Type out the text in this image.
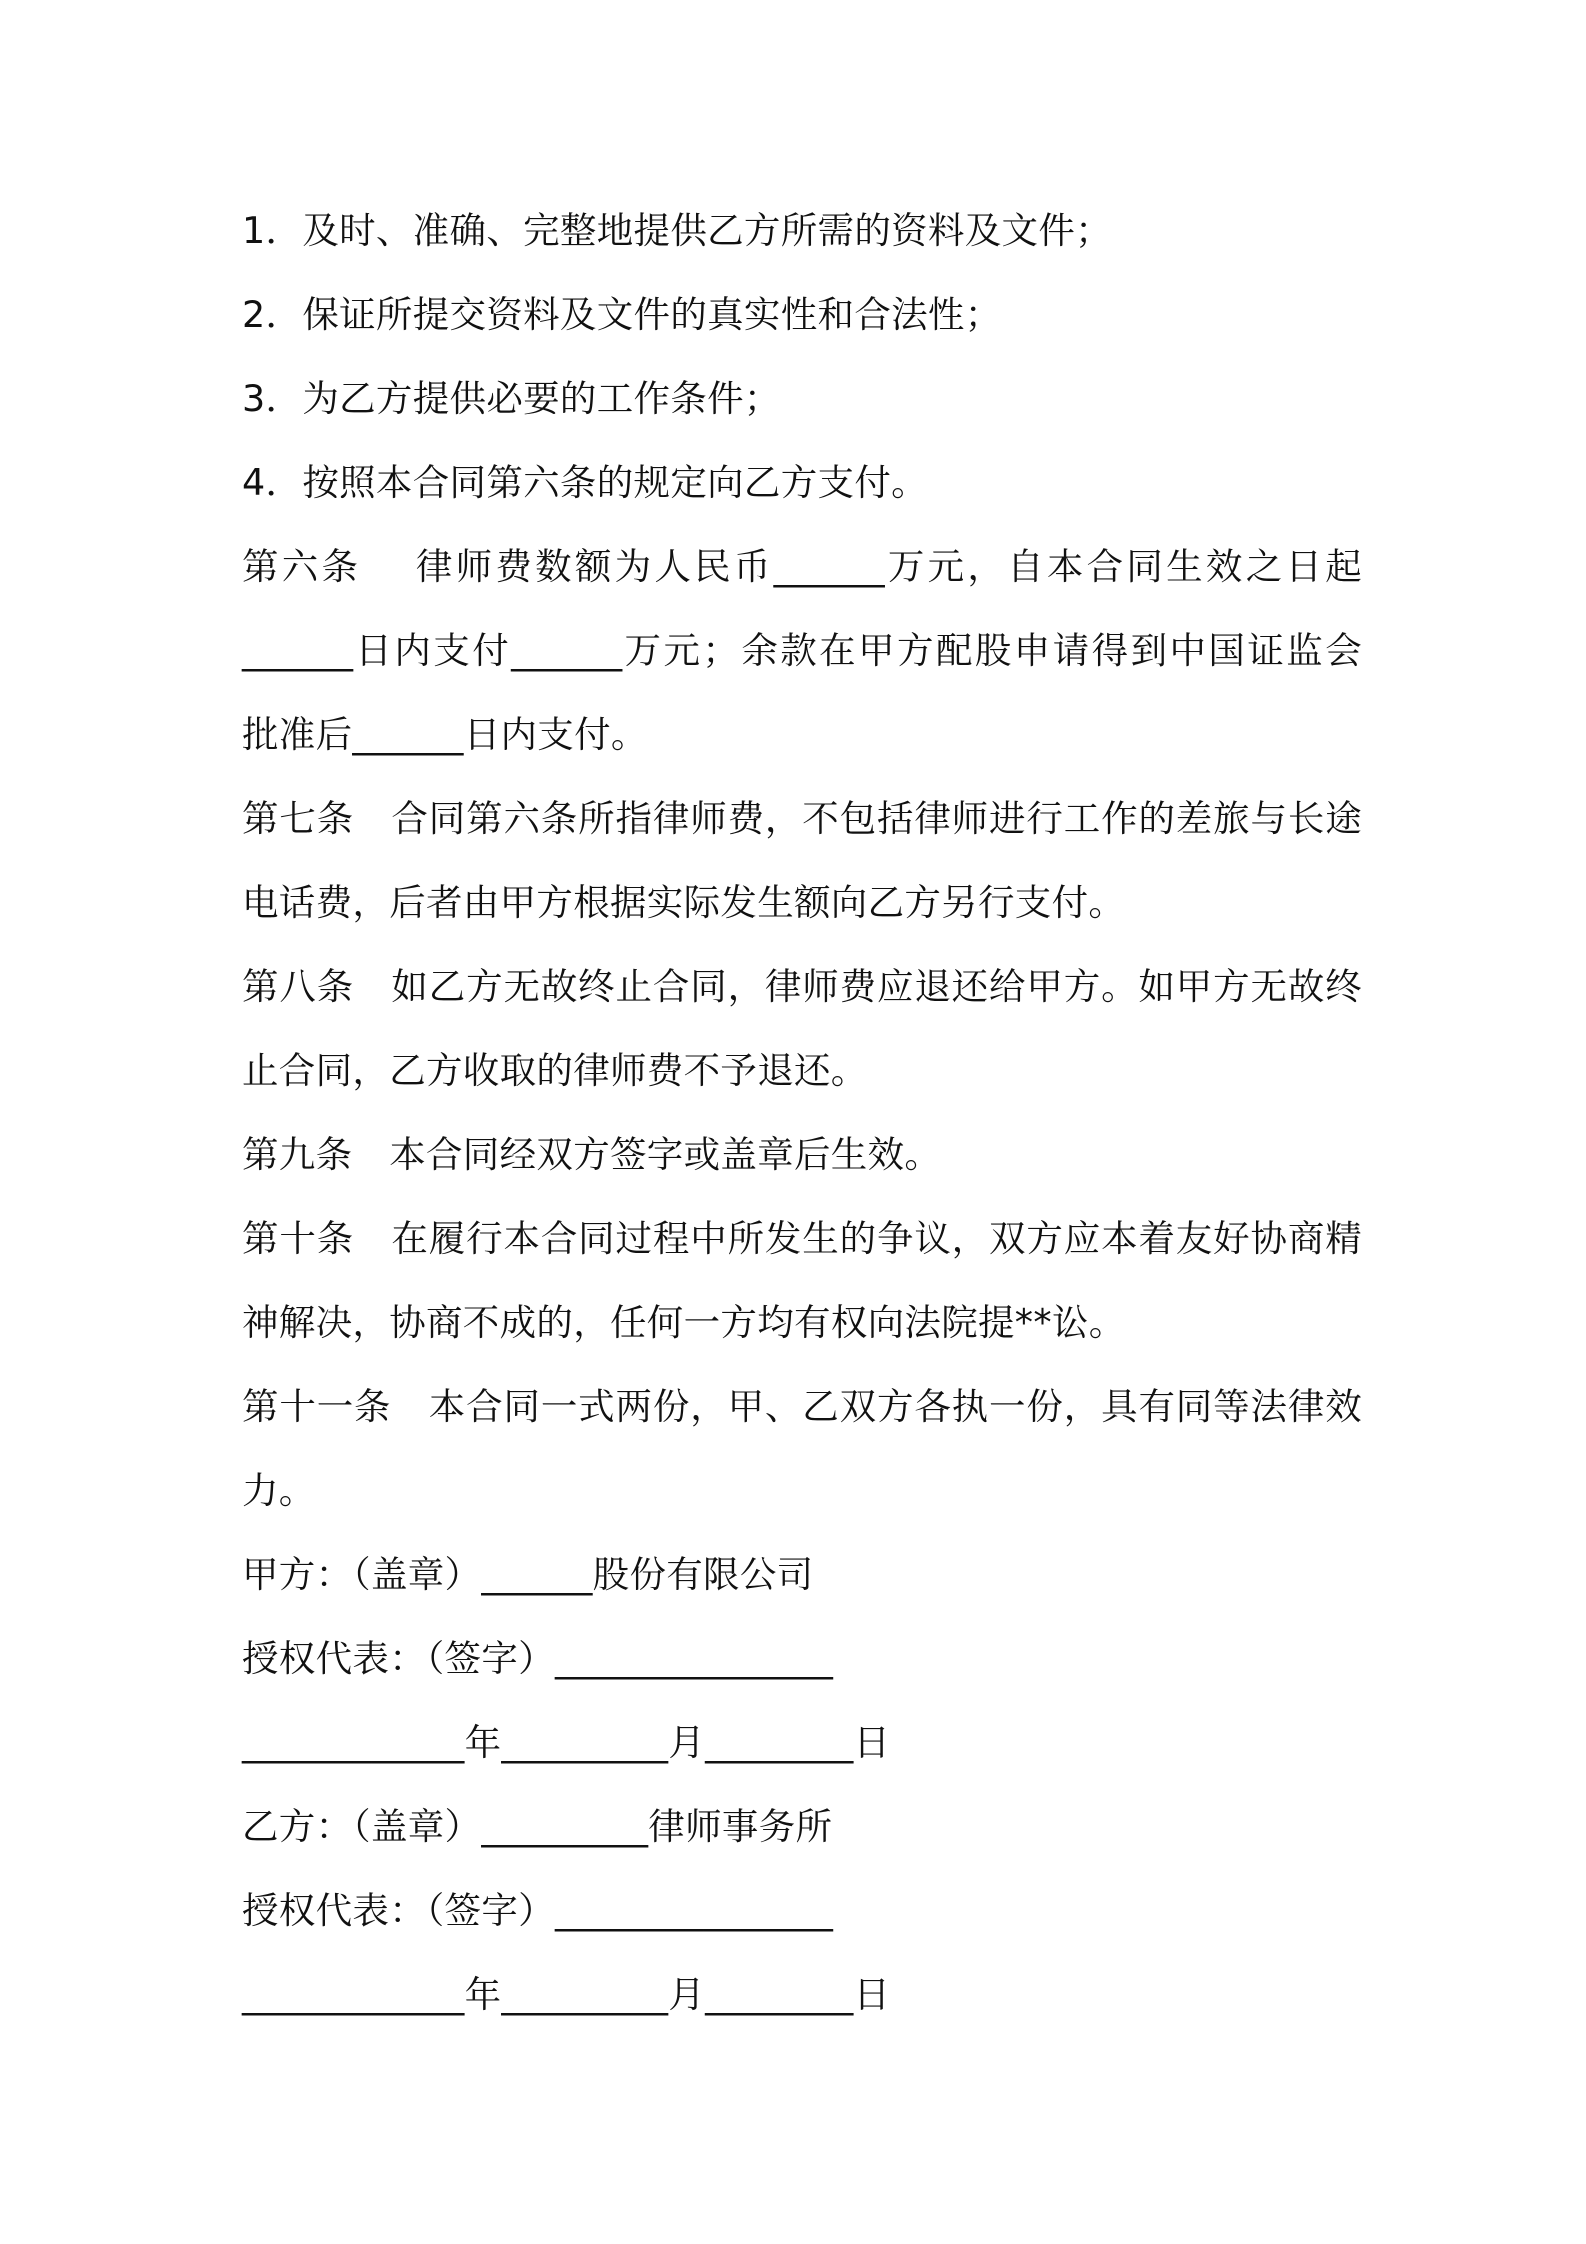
1．及时、准确、完整地提供乙方所需的资料及文件；
2．保证所提交资料及文件的真实性和合法性；
3．为乙方提供必要的工作条件；
4．按照本合同第六条的规定向乙方支付。
第六条　 律师费数额为人民币______万元，自本合同生效之日起
______日内支付______万元；余款在甲方配股申请得到中国证监会
批准后______日内支付。
第七条　合同第六条所指律师费，不包括律师进行工作的差旅与长途
电话费，后者由甲方根据实际发生额向乙方另行支付。
第八条　如乙方无故终止合同，律师费应退还给甲方。如甲方无故终
止合同，乙方收取的律师费不予退还。
第九条　本合同经双方签字或盖章后生效。
第十条　在履行本合同过程中所发生的争议，双方应本着友好协商精
神解决，协商不成的，任何一方均有权向法院提**讼。
第十一条　本合同一式两份，甲、乙双方各执一份，具有同等法律效
力。
甲方：（盖章）______股份有限公司
授权代表：（签字）_______________
____________年_________月________日
乙方：（盖章）_________律师事务所
授权代表：（签字）_______________
____________年_________月________日
